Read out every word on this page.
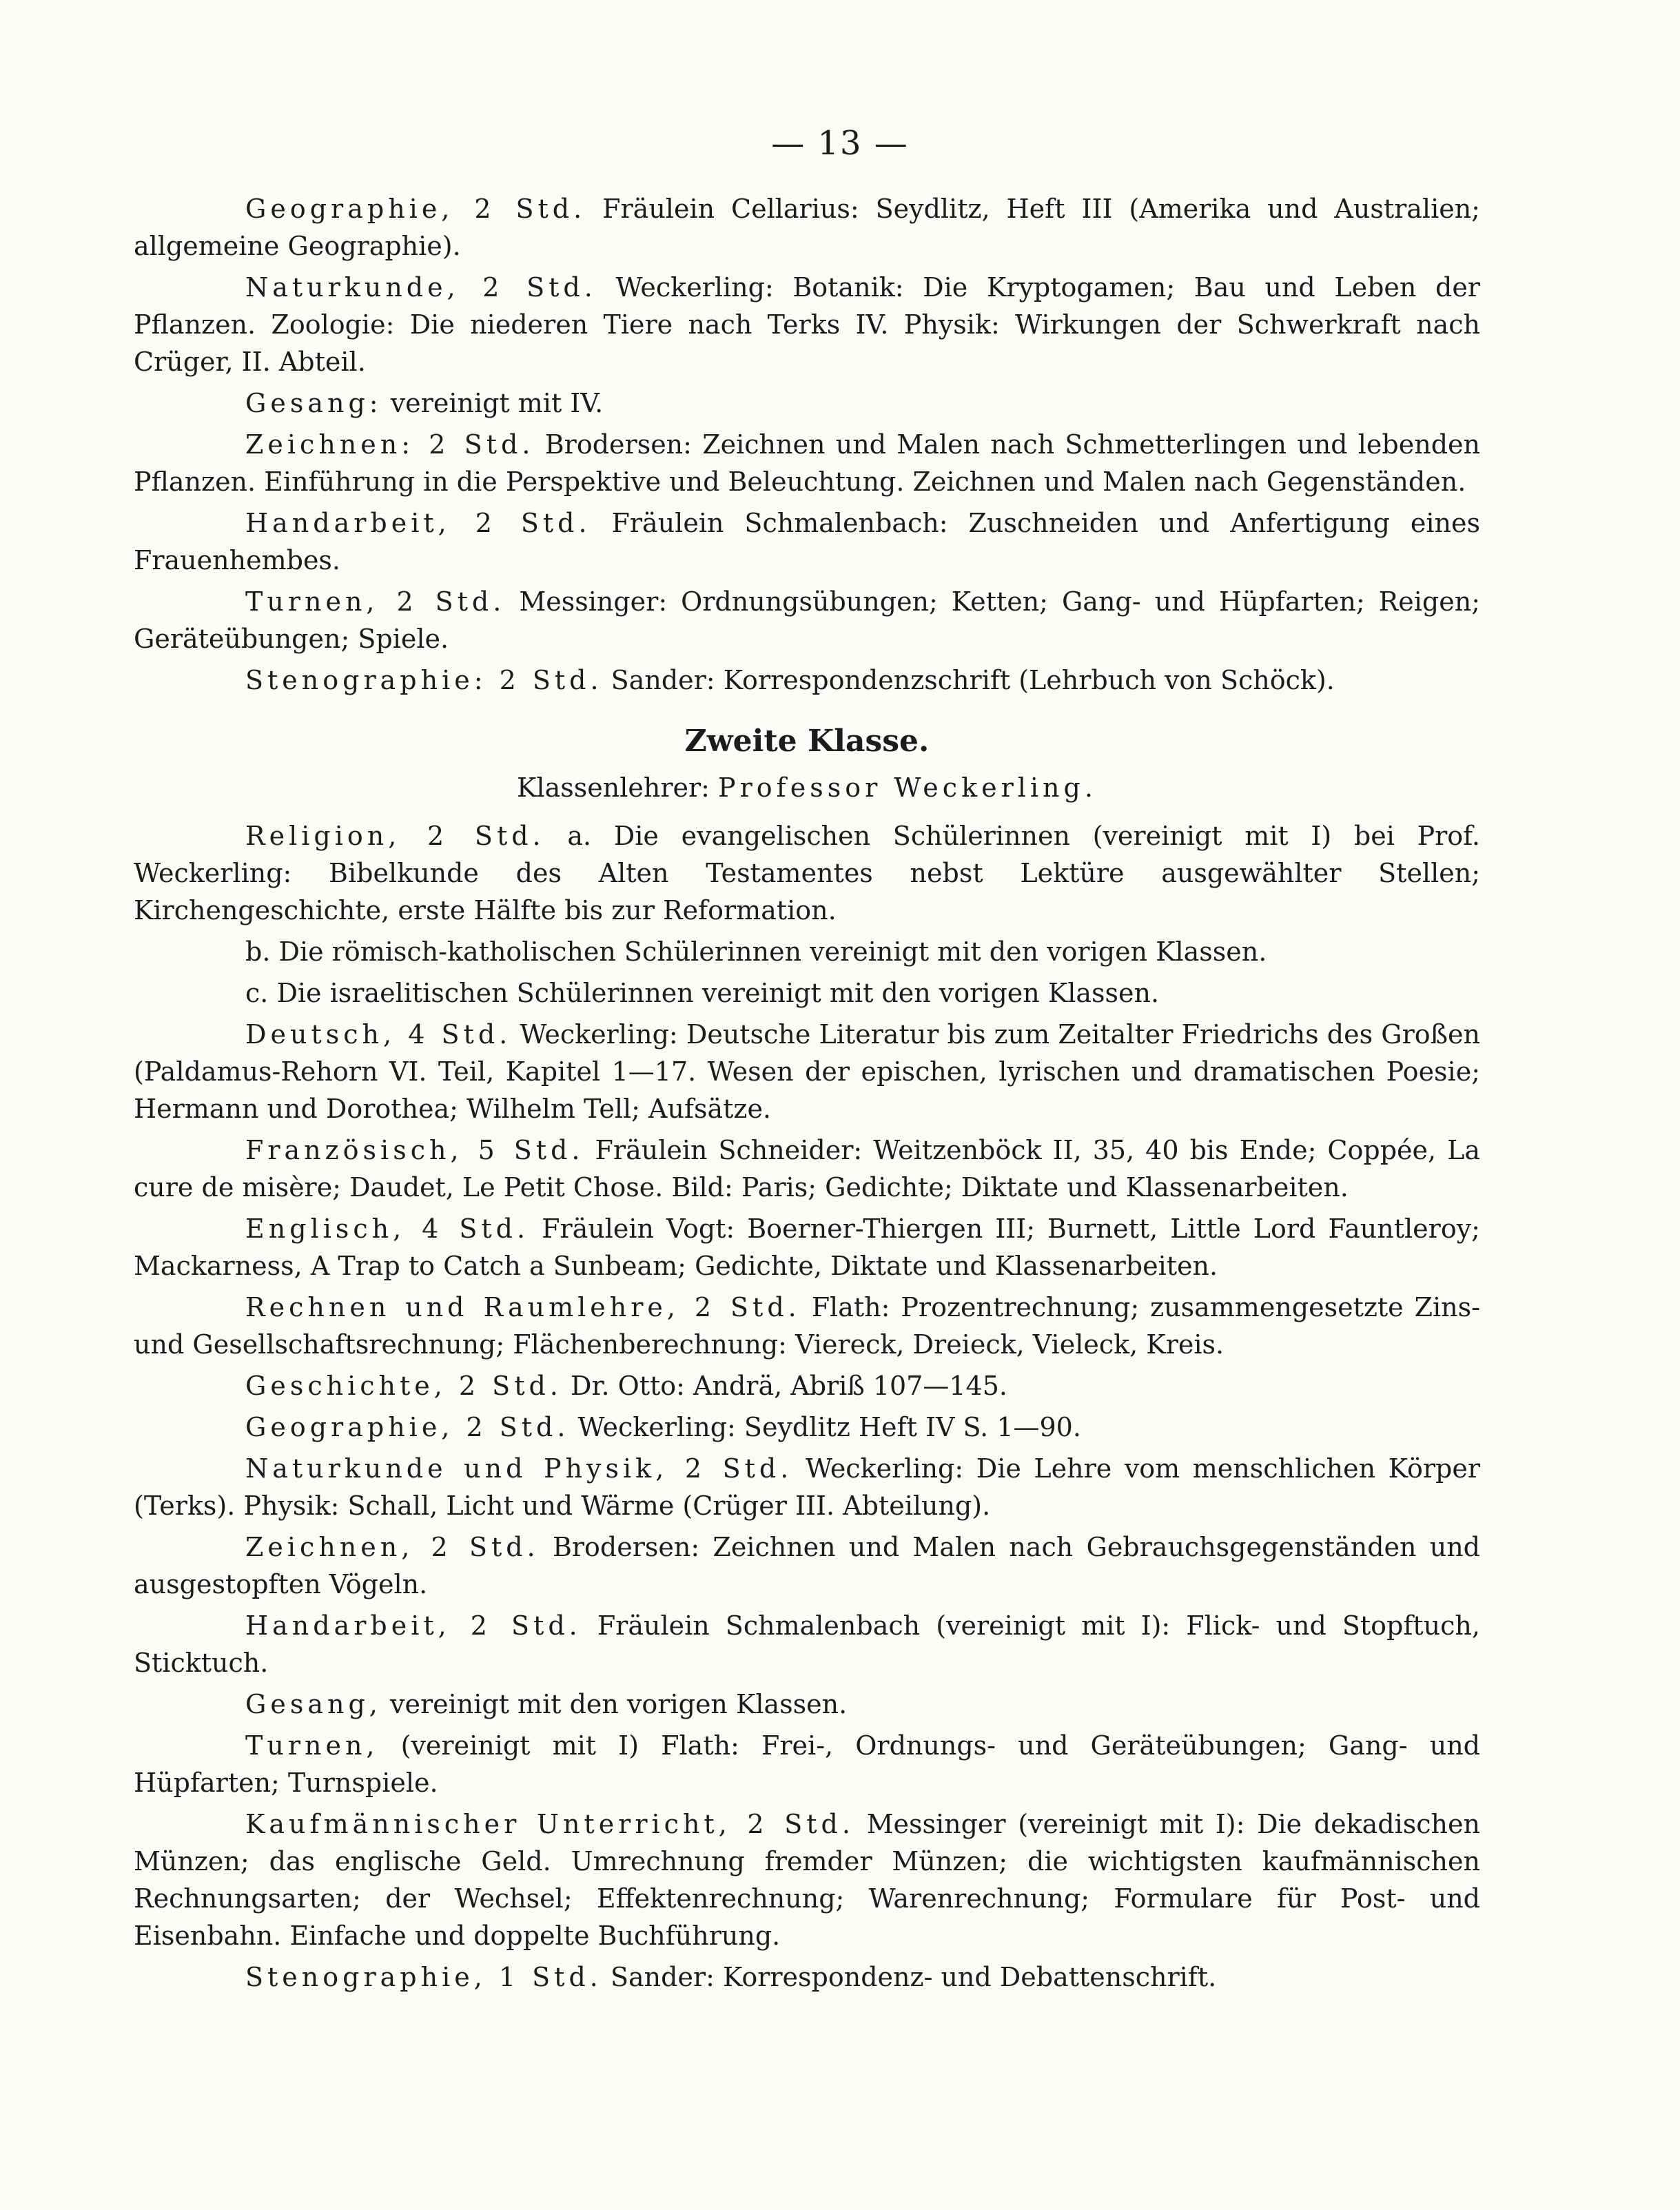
— 13 —

Geographie, 2 Std. Fräulein Cellarius: Seydlitz, Heft III (Amerika und Australien; allgemeine Geographie).

Naturkunde, 2 Std. Weckerling: Botanik: Die Kryptogamen; Bau und Leben der Pflanzen. Zoologie: Die niederen Tiere nach Terks IV. Physik: Wirkungen der Schwerkraft nach Crüger, II. Abteil.

Gesang: vereinigt mit IV.

Zeichnen: 2 Std. Brodersen: Zeichnen und Malen nach Schmetterlingen und lebenden Pflanzen. Einführung in die Perspektive und Beleuchtung. Zeichnen und Malen nach Gegenständen.

Handarbeit, 2 Std. Fräulein Schmalenbach: Zuschneiden und Anfertigung eines Frauenhembes.

Turnen, 2 Std. Messinger: Ordnungsübungen; Ketten; Gang- und Hüpfarten; Reigen; Geräteübungen; Spiele.

Stenographie: 2 Std. Sander: Korrespondenzschrift (Lehrbuch von Schöck).

Zweite Klasse.
Klassenlehrer: Professor Weckerling.

Religion, 2 Std. a. Die evangelischen Schülerinnen (vereinigt mit I) bei Prof. Weckerling: Bibelkunde des Alten Testamentes nebst Lektüre ausgewählter Stellen; Kirchengeschichte, erste Hälfte bis zur Reformation.

b. Die römisch-katholischen Schülerinnen vereinigt mit den vorigen Klassen.

c. Die israelitischen Schülerinnen vereinigt mit den vorigen Klassen.

Deutsch, 4 Std. Weckerling: Deutsche Literatur bis zum Zeitalter Friedrichs des Großen (Paldamus-Rehorn VI. Teil, Kapitel 1—17. Wesen der epischen, lyrischen und dramatischen Poesie; Hermann und Dorothea; Wilhelm Tell; Aufsätze.

Französisch, 5 Std. Fräulein Schneider: Weitzenböck II, 35, 40 bis Ende; Coppée, La cure de misère; Daudet, Le Petit Chose. Bild: Paris; Gedichte; Diktate und Klassenarbeiten.

Englisch, 4 Std. Fräulein Vogt: Boerner-Thiergen III; Burnett, Little Lord Fauntleroy; Mackarness, A Trap to Catch a Sunbeam; Gedichte, Diktate und Klassenarbeiten.

Rechnen und Raumlehre, 2 Std. Flath: Prozentrechnung; zusammengesetzte Zins- und Gesellschaftsrechnung; Flächenberechnung: Viereck, Dreieck, Vieleck, Kreis.

Geschichte, 2 Std. Dr. Otto: Andrä, Abriß 107—145.

Geographie, 2 Std. Weckerling: Seydlitz Heft IV S. 1—90.

Naturkunde und Physik, 2 Std. Weckerling: Die Lehre vom menschlichen Körper (Terks). Physik: Schall, Licht und Wärme (Crüger III. Abteilung).

Zeichnen, 2 Std. Brodersen: Zeichnen und Malen nach Gebrauchsgegenständen und ausgestopften Vögeln.

Handarbeit, 2 Std. Fräulein Schmalenbach (vereinigt mit I): Flick- und Stopftuch, Sticktuch.

Gesang, vereinigt mit den vorigen Klassen.

Turnen, (vereinigt mit I) Flath: Frei-, Ordnungs- und Geräteübungen; Gang- und Hüpfarten; Turnspiele.

Kaufmännischer Unterricht, 2 Std. Messinger (vereinigt mit I): Die dekadischen Münzen; das englische Geld. Umrechnung fremder Münzen; die wichtigsten kaufmännischen Rechnungsarten; der Wechsel; Effektenrechnung; Warenrechnung; Formulare für Post- und Eisenbahn. Einfache und doppelte Buchführung.

Stenographie, 1 Std. Sander: Korrespondenz- und Debattenschrift.
